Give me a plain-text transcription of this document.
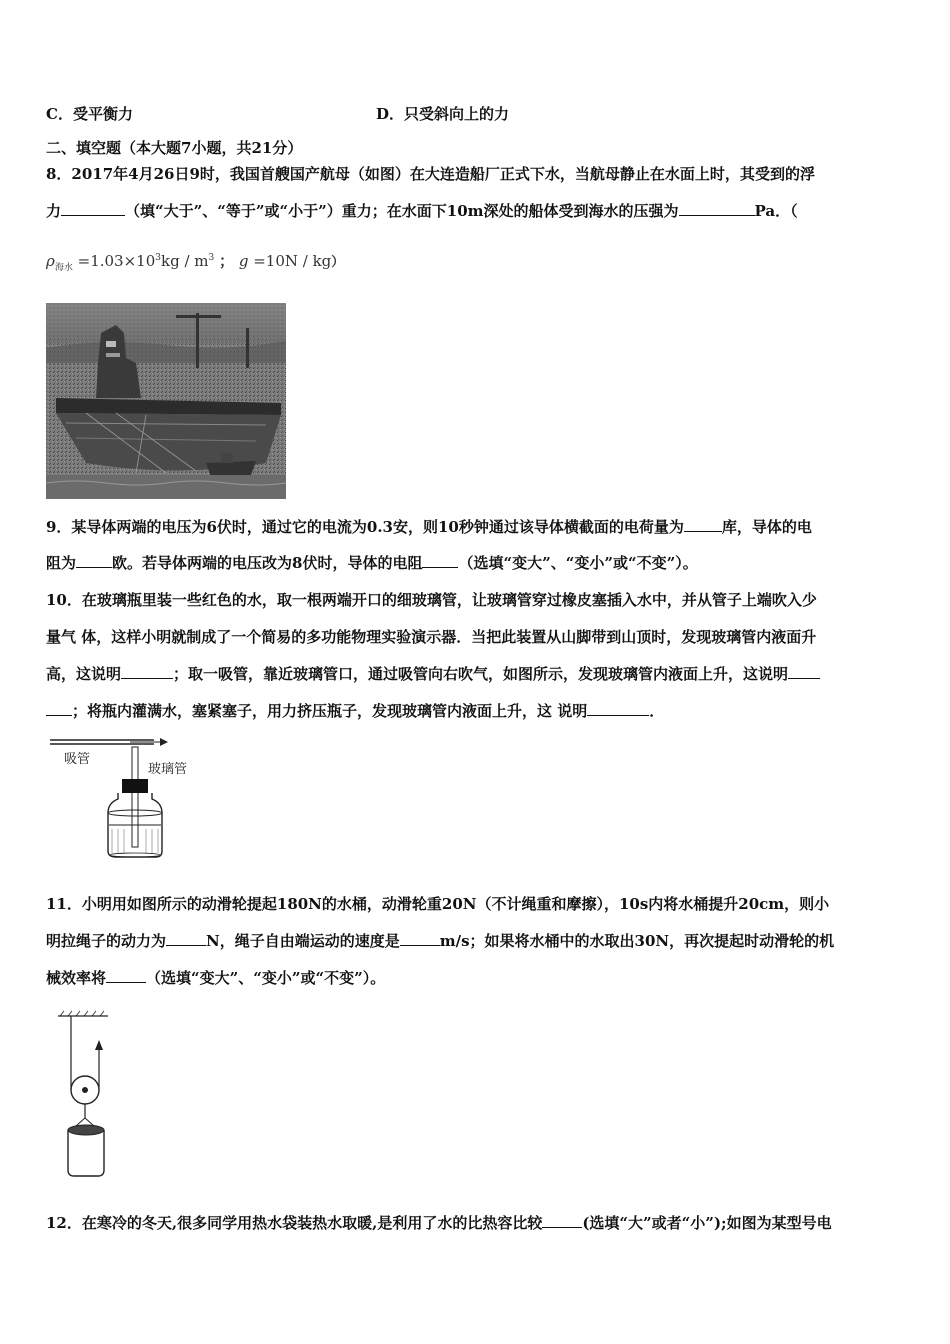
C．受平衡力	D．只受斜向上的力
二、填空题（本大题7小题，共21分）
8．2017年4月26日9时，我国首艘国产航母（如图）在大连造船厂正式下水，当航母静止在水面上时，其受到的浮
力	（填“大于”、“等于”或“小于”）重力；在水面下10m深处的船体受到海水的压强为	Pa．（
$\rho_{海水} =1.03\times 10^3kg / m^3$ ； g =10N / kg）
9．某导体两端的电压为6伏时，通过它的电流为0.3安，则10秒钟通过该导体横截面的电荷量为	库，导体的电
阻为 欧。若导体两端的电压改为8伏时，导体的电阻 （选填“变大”、“变小”或“不变”）。
10．在玻璃瓶里装一些红色的水，取一根两端开口的细玻璃管，让玻璃管穿过橡皮塞插入水中，并从管子上端吹入少
量气 体，这样小明就制成了一个简易的多功能物理实验演示器．当把此装置从山脚带到山顶时，发现玻璃管内液面升
高，这说明	；取一吸管，靠近玻璃管口，通过吸管向右吹气，如图所示，发现玻璃管内液面上升，这说明
；将瓶内灌满水，塞紧塞子，用力挤压瓶子，发现玻璃管内液面上升，这 说明	．
吸管
玻璃管
11．小明用如图所示的动滑轮提起180N的水桶，动滑轮重20N（不计绳重和摩擦），10s内将水桶提升20cm，则小
明拉绳子的动力为	N，绳子自由端运动的速度是	m/s；如果将水桶中的水取出30N，再次提起时动滑轮的机
械效率将	（选填“变大”、“变小”或“不变”）。
12．在寒冷的冬天,很多同学用热水袋装热水取暖,是利用了水的比热容比较	(选填“大”或者“小”);如图为某型号电
